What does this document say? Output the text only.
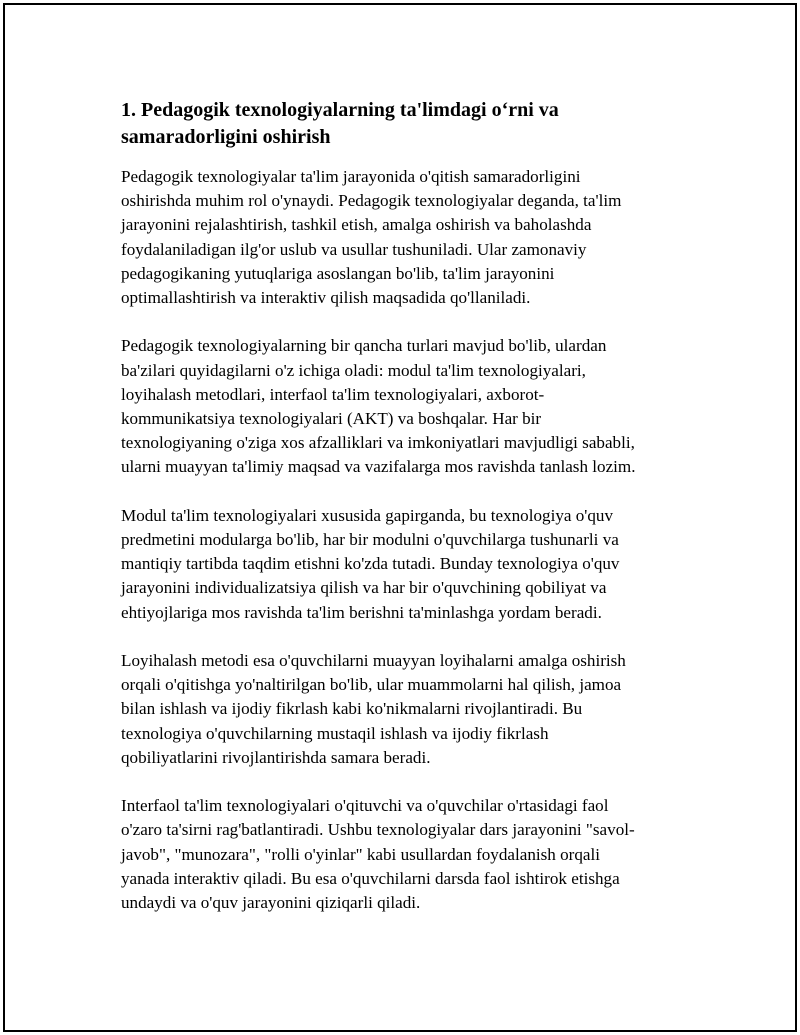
1. Pedagogik texnologiyalarning ta'limdagi o‘rni va
samaradorligini oshirish

Pedagogik texnologiyalar ta'lim jarayonida o'qitish samaradorligini
oshirishda muhim rol o'ynaydi. Pedagogik texnologiyalar deganda, ta'lim
jarayonini rejalashtirish, tashkil etish, amalga oshirish va baholashda
foydalaniladigan ilg'or uslub va usullar tushuniladi. Ular zamonaviy
pedagogikaning yutuqlariga asoslangan bo'lib, ta'lim jarayonini
optimallashtirish va interaktiv qilish maqsadida qo'llaniladi.

Pedagogik texnologiyalarning bir qancha turlari mavjud bo'lib, ulardan
ba'zilari quyidagilarni o'z ichiga oladi: modul ta'lim texnologiyalari,
loyihalash metodlari, interfaol ta'lim texnologiyalari, axborot-
kommunikatsiya texnologiyalari (AKT) va boshqalar. Har bir
texnologiyaning o'ziga xos afzalliklari va imkoniyatlari mavjudligi sababli,
ularni muayyan ta'limiy maqsad va vazifalarga mos ravishda tanlash lozim.

Modul ta'lim texnologiyalari xususida gapirganda, bu texnologiya o'quv
predmetini modularga bo'lib, har bir modulni o'quvchilarga tushunarli va
mantiqiy tartibda taqdim etishni ko'zda tutadi. Bunday texnologiya o'quv
jarayonini individualizatsiya qilish va har bir o'quvchining qobiliyat va
ehtiyojlariga mos ravishda ta'lim berishni ta'minlashga yordam beradi.

Loyihalash metodi esa o'quvchilarni muayyan loyihalarni amalga oshirish
orqali o'qitishga yo'naltirilgan bo'lib, ular muammolarni hal qilish, jamoa
bilan ishlash va ijodiy fikrlash kabi ko'nikmalarni rivojlantiradi. Bu
texnologiya o'quvchilarning mustaqil ishlash va ijodiy fikrlash
qobiliyatlarini rivojlantirishda samara beradi.

Interfaol ta'lim texnologiyalari o'qituvchi va o'quvchilar o'rtasidagi faol
o'zaro ta'sirni rag'batlantiradi. Ushbu texnologiyalar dars jarayonini "savol-
javob", "munozara", "rolli o'yinlar" kabi usullardan foydalanish orqali
yanada interaktiv qiladi. Bu esa o'quvchilarni darsda faol ishtirok etishga
undaydi va o'quv jarayonini qiziqarli qiladi.
